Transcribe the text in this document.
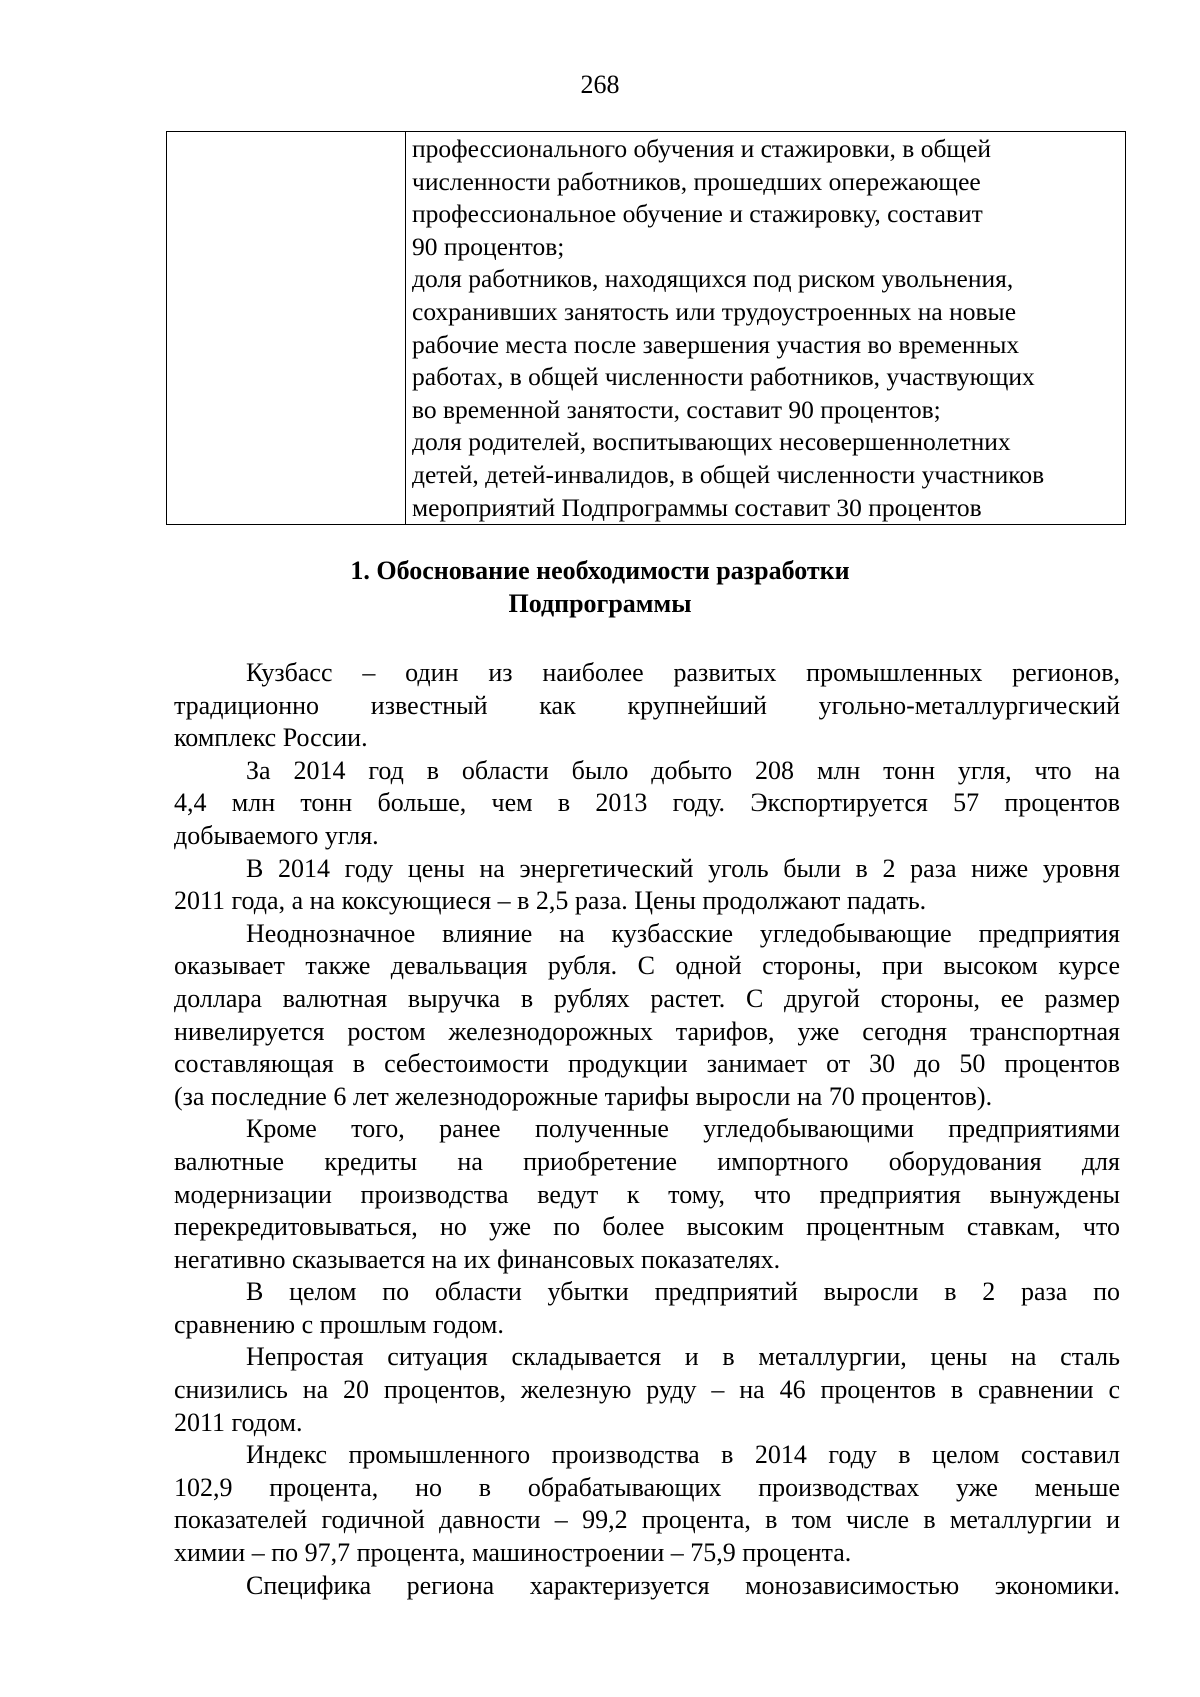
268

профессионального обучения и стажировки, в общей
численности работников, прошедших опережающее
профессиональное обучение и стажировку, составит
90 процентов;
доля работников, находящихся под риском увольнения,
сохранивших занятость или трудоустроенных на новые
рабочие места после завершения участия во временных
работах, в общей численности работников, участвующих
во временной занятости, составит 90 процентов;
доля родителей, воспитывающих несовершеннолетних
детей, детей-инвалидов, в общей численности участников
мероприятий Подпрограммы составит 30 процентов
1. Обоснование необходимости разработки
Подпрограммы

Кузбасс – один из наиболее развитых промышленных регионов,
традиционно известный как крупнейший угольно-металлургический
комплекс России.

За 2014 год в области было добыто 208 млн тонн угля, что на
4,4 млн тонн больше, чем в 2013 году. Экспортируется 57 процентов
добываемого угля.

В 2014 году цены на энергетический уголь были в 2 раза ниже уровня
2011 года, а на коксующиеся – в 2,5 раза. Цены продолжают падать.

Неоднозначное влияние на кузбасские угледобывающие предприятия
оказывает также девальвация рубля. С одной стороны, при высоком курсе
доллара валютная выручка в рублях растет. С другой стороны, ее размер
нивелируется ростом железнодорожных тарифов, уже сегодня транспортная
составляющая в себестоимости продукции занимает от 30 до 50 процентов
(за последние 6 лет железнодорожные тарифы выросли на 70 процентов).

Кроме того, ранее полученные угледобывающими предприятиями
валютные кредиты на приобретение импортного оборудования для
модернизации производства ведут к тому, что предприятия вынуждены
перекредитовываться, но уже по более высоким процентным ставкам, что
негативно сказывается на их финансовых показателях.

В целом по области убытки предприятий выросли в 2 раза по
сравнению с прошлым годом.

Непростая ситуация складывается и в металлургии, цены на сталь
снизились на 20 процентов, железную руду – на 46 процентов в сравнении с
2011 годом.

Индекс промышленного производства в 2014 году в целом составил
102,9 процента, но в обрабатывающих производствах уже меньше
показателей годичной давности – 99,2 процента, в том числе в металлургии и
химии – по 97,7 процента, машиностроении – 75,9 процента.

Специфика региона характеризуется монозависимостью экономики.
